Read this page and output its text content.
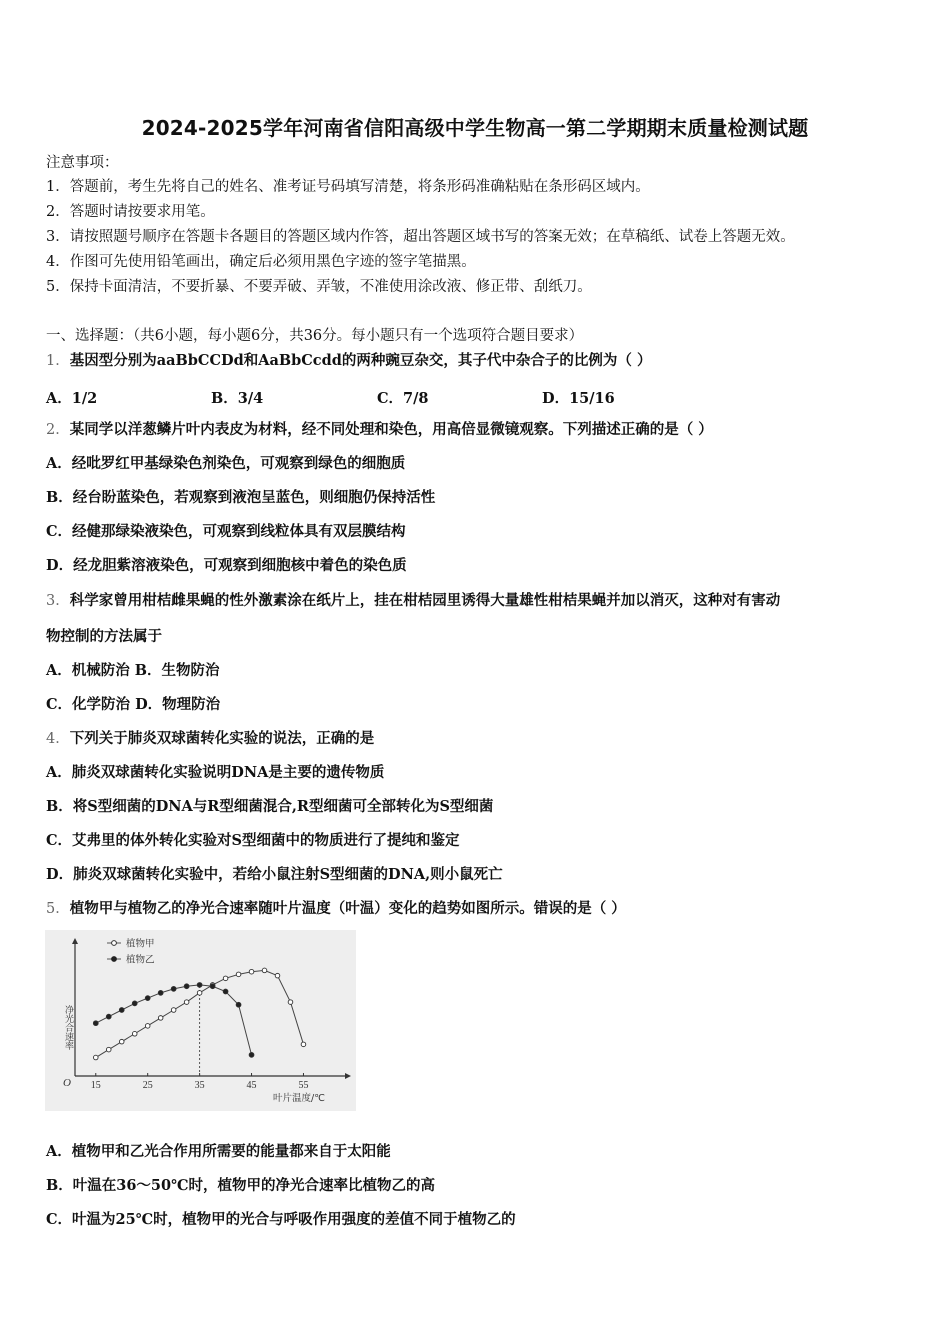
2024-2025学年河南省信阳高级中学生物高一第二学期期末质量检测试题
注意事项：
1．答题前，考生先将自己的姓名、准考证号码填写清楚，将条形码准确粘贴在条形码区域内。
2．答题时请按要求用笔。
3．请按照题号顺序在答题卡各题目的答题区域内作答，超出答题区域书写的答案无效；在草稿纸、试卷上答题无效。
4．作图可先使用铅笔画出，确定后必须用黑色字迹的签字笔描黑。
5．保持卡面清洁，不要折暴、不要弄破、弄皱，不准使用涂改液、修正带、刮纸刀。
一、选择题：（共6小题，每小题6分，共36分。每小题只有一个选项符合题目要求）
1．基因型分别为aaBbCCDd和AaBbCcdd的两种豌豆杂交，其子代中杂合子的比例为（ ）
A．1/2	B．3/4	C．7/8	D．15/16
2．某同学以洋葱鳞片叶内表皮为材料，经不同处理和染色，用高倍显微镜观察。下列描述正确的是（ ）
A．经吡罗红甲基绿染色剂染色，可观察到绿色的细胞质
B．经台盼蓝染色，若观察到液泡呈蓝色，则细胞仍保持活性
C．经健那绿染液染色，可观察到线粒体具有双层膜结构
D．经龙胆紫溶液染色，可观察到细胞核中着色的染色质
3．科学家曾用柑桔雌果蝇的性外激素涂在纸片上，挂在柑桔园里诱得大量雄性柑桔果蝇并加以消灭，这种对有害动
物控制的方法属于
A．机械防治 B．生物防治
C．化学防治 D．物理防治
4．下列关于肺炎双球菌转化实验的说法，正确的是
A．肺炎双球菌转化实验说明DNA是主要的遗传物质
B．将S型细菌的DNA与R型细菌混合,R型细菌可全部转化为S型细菌
C．艾弗里的体外转化实验对S型细菌中的物质进行了提纯和鉴定
D．肺炎双球菌转化实验中，若给小鼠注射S型细菌的DNA,则小鼠死亡
5．植物甲与植物乙的净光合速率随叶片温度（叶温）变化的趋势如图所示。错误的是（ ）
O
净光合速率
叶片温度/℃
植物甲
植物乙
15	25	35	45	55
A．植物甲和乙光合作用所需要的能量都来自于太阳能
B．叶温在36～50℃时，植物甲的净光合速率比植物乙的高
C．叶温为25℃时，植物甲的光合与呼吸作用强度的差值不同于植物乙的
